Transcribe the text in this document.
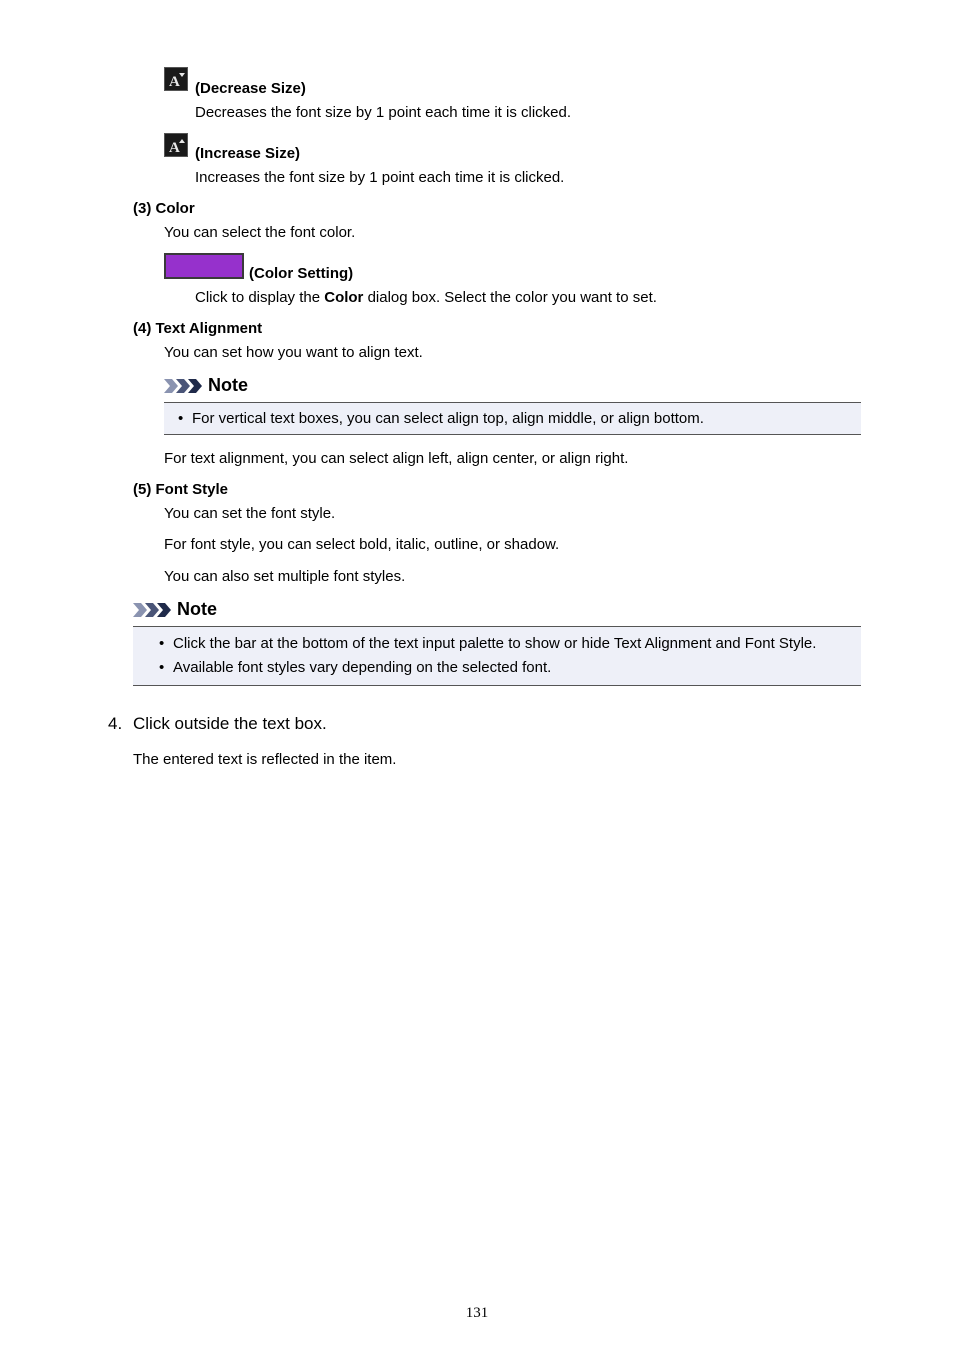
A (Decrease Size)
Decreases the font size by 1 point each time it is clicked.
A (Increase Size)
Increases the font size by 1 point each time it is clicked.
(3) Color
You can select the font color.
(Color Setting)
Click to display the Color dialog box. Select the color you want to set.
(4) Text Alignment
You can set how you want to align text.
Note
• For vertical text boxes, you can select align top, align middle, or align bottom.
For text alignment, you can select align left, align center, or align right.
(5) Font Style
You can set the font style.
For font style, you can select bold, italic, outline, or shadow.
You can also set multiple font styles.
Note
• Click the bar at the bottom of the text input palette to show or hide Text Alignment and Font Style.
• Available font styles vary depending on the selected font.
4. Click outside the text box.
The entered text is reflected in the item.
131
